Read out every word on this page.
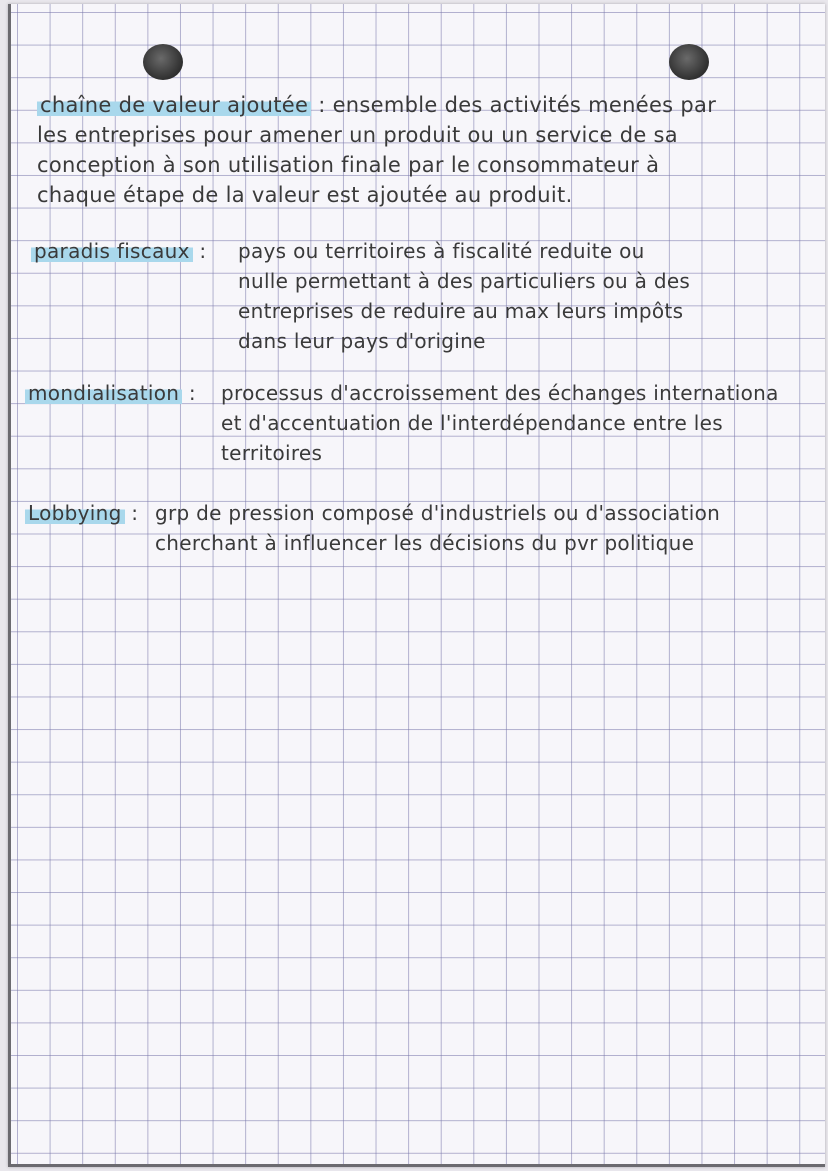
chaîne de valeur ajoutée : ensemble des activités menées par
les entreprises pour amener un produit ou un service de sa
conception à son utilisation finale par le consommateur à
chaque étape de la valeur est ajoutée au produit.
paradis fiscaux : pays ou territoires à fiscalité reduite ou
nulle permettant à des particuliers ou à des
entreprises de reduire au max leurs impôts
dans leur pays d'origine
mondialisation : processus d'accroissement des échanges internationa
et d'accentuation de l'interdépendance entre les
territoires
Lobbying : grp de pression composé d'industriels ou d'association
cherchant à influencer les décisions du pvr politique
